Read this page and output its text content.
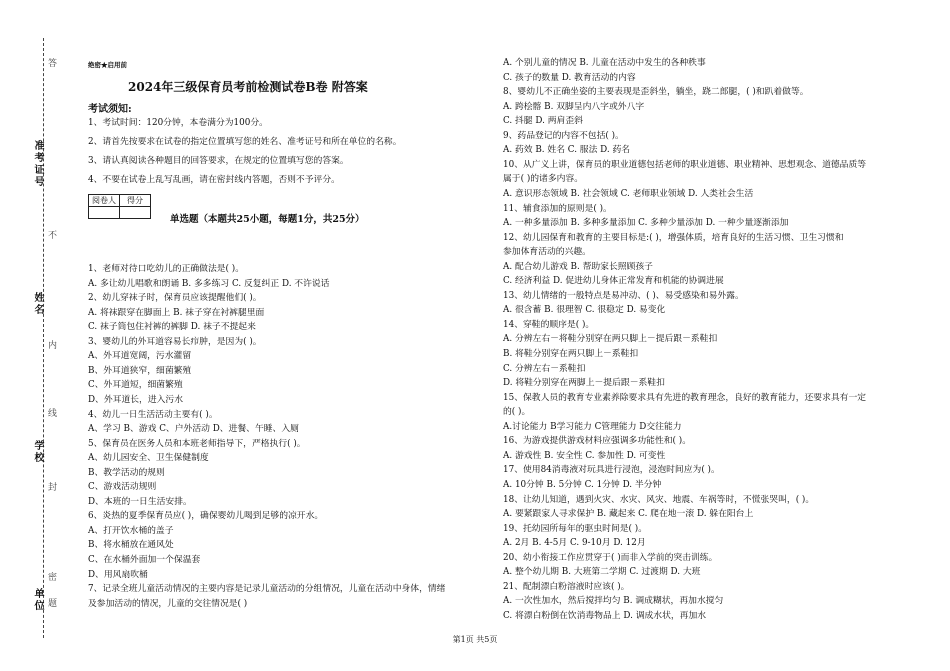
准考证号
姓名
学校
单位
答
不
内
线
封
密
题
绝密★启用前
2024年三级保育员考前检测试卷B卷 附答案
考试须知:
1、考试时间：120分钟，本卷满分为100分。
2、请首先按要求在试卷的指定位置填写您的姓名、准考证号和所在单位的名称。
3、请认真阅读各种题目的回答要求，在规定的位置填写您的答案。
4、不要在试卷上乱写乱画，请在密封线内答题，否则不予评分。
阅卷人	得分

单选题（本题共25小题，每题1分，共25分）
1、老师对待口吃幼儿的正确做法是( )。
A. 多让幼儿唱歌和朗诵 B. 多多练习 C. 反复纠正 D. 不许说话
2、幼儿穿袜子时，保育员应该提醒他们( )。
A. 将袜跟穿在脚面上 B. 袜子穿在衬裤腿里面
C. 袜子筒包住衬裤的裤脚 D. 袜子不提起来
3、婴幼儿的外耳道容易长疖肿，是因为( )。
A、外耳道宽阔，污水灌留
B、外耳道狭窄，细菌繁殖
C、外耳道短，细菌繁殖
D、外耳道长，进入污水
4、幼儿一日生活活动主要有( )。
A、学习 B、游戏 C、户外活动 D、进餐、午睡、入厕
5、保育员在医务人员和本班老师指导下，严格执行( )。
A、幼儿园安全、卫生保健制度
B、教学活动的规则
C、游戏活动规则
D、本班的一日生活安排。
6、炎热的夏季保育员应( )，确保婴幼儿喝到足够的凉开水。
A、打开饮水桶的盖子
B、将水桶放在通风处
C、在水桶外面加一个保温套
D、用风扇吹桶
7、记录全班儿童活动情况的主要内容是记录儿童活动的分组情况，儿童在活动中身体，情绪
及参加活动的情况，儿童的交往情况是( )
A. 个别儿童的情况 B. 儿童在活动中发生的各种秩事
C. 孩子的数量 D. 教育活动的内容
8、婴幼儿不正确坐姿的主要表现是歪斜坐，躺坐，跷二郎腿，( )和趴着做等。
A. 跨桧髂 B. 双脚呈内八字或外八字
C. 抖腿 D. 两肩歪斜
9、药品登记的内容不包括( )。
A. 药效 B. 姓名 C. 服法 D. 药名
10、从广义上讲，保育员的职业道德包括老师的职业道德、职业精神、思想观念、道德品质等
属于( )的诸多内容。
A. 意识形态领域 B. 社会领域 C. 老师职业领域 D. 人类社会生活
11、辅食添加的原则是( )。
A. 一种多量添加 B. 多种多量添加 C. 多种少量添加 D. 一种少量逐渐添加
12、幼儿园保育和教育的主要目标是:( )，增强体质，培育良好的生活习惯、卫生习惯和
参加体育活动的兴趣。
A. 配合幼儿游戏 B. 帮助家长照顾孩子
C. 经济利益 D. 促进幼儿身体正常发育和机能的协调进展
13、幼儿情绪的一般特点是易冲动、( )、易受感染和易外露。
A. 很含蓄 B. 很理智 C. 很稳定 D. 易变化
14、穿鞋的顺序是( )。
A. 分辨左右－将鞋分别穿在两只脚上－提后跟－系鞋扣
B. 将鞋分别穿在两只脚上－系鞋扣
C. 分辨左右－系鞋扣
D. 将鞋分别穿在两脚上－提后跟－系鞋扣
15、保教人员的教育专业素养除要求具有先进的教育理念，良好的教育能力，还要求具有一定
的( )。
A.讨论能力 B学习能力 C管理能力 D交往能力
16、为游戏提供游戏材料应强调多功能性和( )。
A. 游戏性 B. 安全性 C. 参加性 D. 可变性
17、使用84消毒液对玩具进行浸泡，浸泡时间应为( )。
A. 10分钟 B. 5分钟 C. 1分钟 D. 半分钟
18、让幼儿知道，遇到火灾、水灾、风灾、地震、车祸等时，不慌张哭叫，( )。
A. 要紧跟家人寻求保护 B. 藏起来 C. 爬在地一滚 D. 躲在阳台上
19、托幼园所每年的驱虫时间是( )。
A. 2月 B. 4-5月 C. 9-10月 D. 12月
20、幼小衔接工作应贯穿于( )而非入学前的突击训练。
A. 整个幼儿期 B. 大班第二学期 C. 过渡期 D. 大班
21、配制漂白粉溶液时应该( )。
A. 一次性加水，然后搅拌均匀 B. 调成糊状，再加水搅匀
C. 将漂白粉倒在饮消毒物品上 D. 调成水状，再加水
第1页 共5页
